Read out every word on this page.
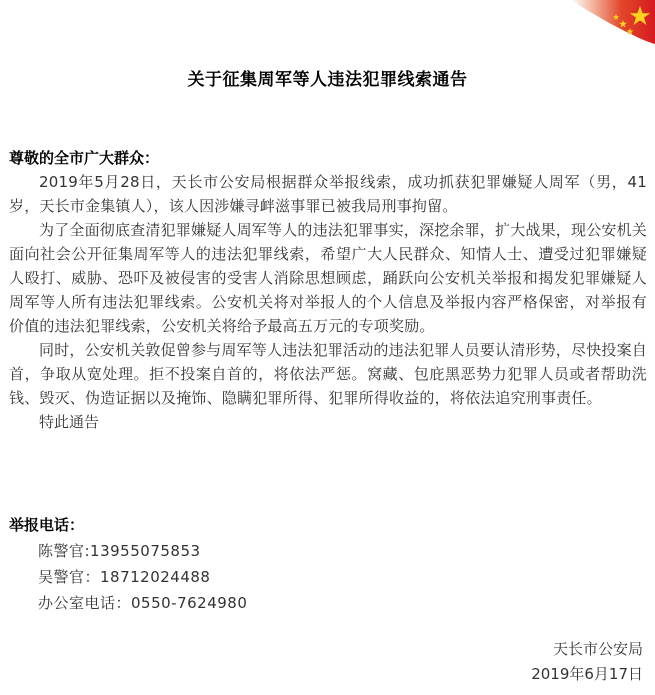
关于征集周军等人违法犯罪线索通告
尊敬的全市广大群众：
2019年5月28日，天长市公安局根据群众举报线索，成功抓获犯罪嫌疑人周军（男，41岁，天长市金集镇人），该人因涉嫌寻衅滋事罪已被我局刑事拘留。
为了全面彻底查清犯罪嫌疑人周军等人的违法犯罪事实，深挖余罪，扩大战果，现公安机关面向社会公开征集周军等人的违法犯罪线索，希望广大人民群众、知情人士、遭受过犯罪嫌疑人殴打、威胁、恐吓及被侵害的受害人消除思想顾虑，踊跃向公安机关举报和揭发犯罪嫌疑人周军等人所有违法犯罪线索。公安机关将对举报人的个人信息及举报内容严格保密，对举报有价值的违法犯罪线索，公安机关将给予最高五万元的专项奖励。
同时，公安机关敦促曾参与周军等人违法犯罪活动的违法犯罪人员要认清形势，尽快投案自首，争取从宽处理。拒不投案自首的，将依法严惩。窝藏、包庇黑恶势力犯罪人员或者帮助洗钱、毁灭、伪造证据以及掩饰、隐瞒犯罪所得、犯罪所得收益的，将依法追究刑事责任。
特此通告
举报电话：
陈警官:13955075853
吴警官：18712024488
办公室电话：0550-7624980
天长市公安局
2019年6月17日
